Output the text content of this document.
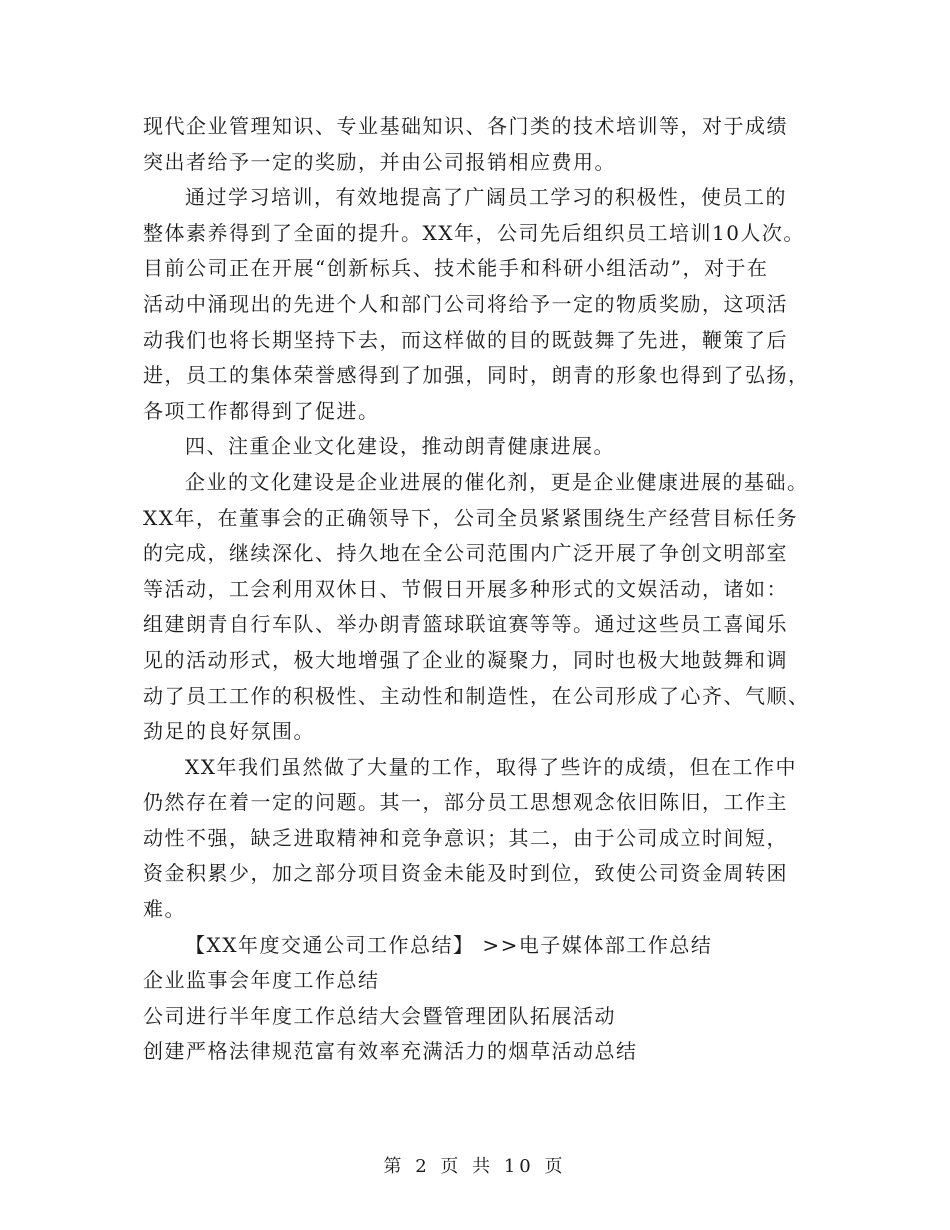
现代企业管理知识、专业基础知识、各门类的技术培训等，对于成绩
突出者给予一定的奖励，并由公司报销相应费用。
通过学习培训，有效地提高了广阔员工学习的积极性，使员工的
整体素养得到了全面的提升。XX年，公司先后组织员工培训10人次。
目前公司正在开展“创新标兵、技术能手和科研小组活动”，对于在
活动中涌现出的先进个人和部门公司将给予一定的物质奖励，这项活
动我们也将长期坚持下去，而这样做的目的既鼓舞了先进，鞭策了后
进，员工的集体荣誉感得到了加强，同时，朗青的形象也得到了弘扬，
各项工作都得到了促进。
四、注重企业文化建设，推动朗青健康进展。
企业的文化建设是企业进展的催化剂，更是企业健康进展的基础。
XX年，在董事会的正确领导下，公司全员紧紧围绕生产经营目标任务
的完成，继续深化、持久地在全公司范围内广泛开展了争创文明部室
等活动，工会利用双休日、节假日开展多种形式的文娱活动，诸如：
组建朗青自行车队、举办朗青篮球联谊赛等等。通过这些员工喜闻乐
见的活动形式，极大地增强了企业的凝聚力，同时也极大地鼓舞和调
动了员工工作的积极性、主动性和制造性，在公司形成了心齐、气顺、
劲足的良好氛围。
XX年我们虽然做了大量的工作，取得了些许的成绩，但在工作中
仍然存在着一定的问题。其一，部分员工思想观念依旧陈旧，工作主
动性不强，缺乏进取精神和竞争意识；其二，由于公司成立时间短，
资金积累少，加之部分项目资金未能及时到位，致使公司资金周转困
难。
【XX年度交通公司工作总结】 >>电子媒体部工作总结
企业监事会年度工作总结
公司进行半年度工作总结大会暨管理团队拓展活动
创建严格法律规范富有效率充满活力的烟草活动总结
第 2 页 共 10 页
